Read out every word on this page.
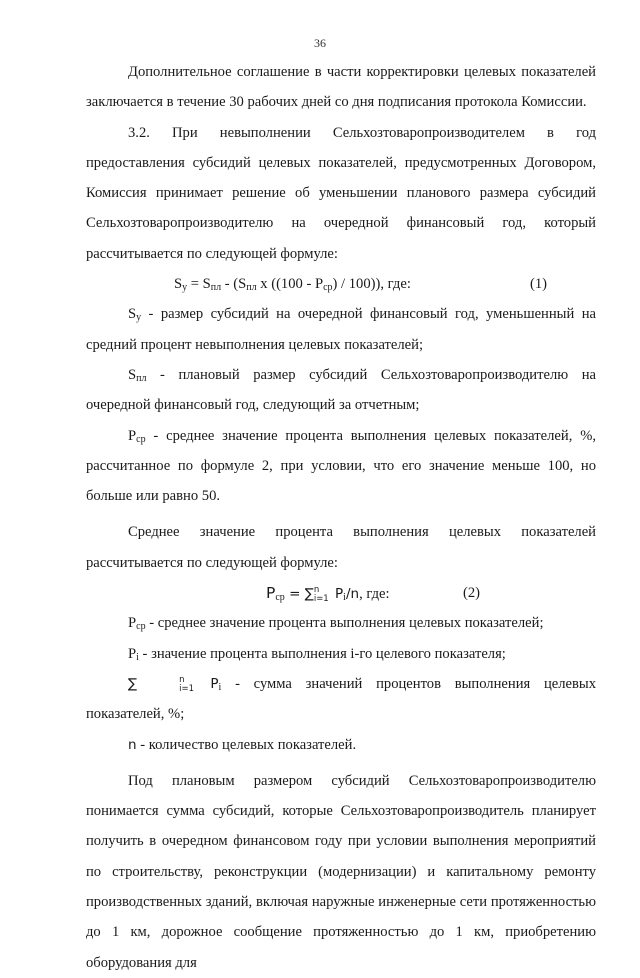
36

Дополнительное соглашение в части корректировки целевых показателей заключается в течение 30 рабочих дней со дня подписания протокола Комиссии.

3.2. При невыполнении Сельхозтоваропроизводителем в год предоставления субсидий целевых показателей, предусмотренных Договором, Комиссия принимает решение об уменьшении планового размера субсидий Сельхозтоваропроизводителю на очередной финансовый год, который рассчитывается по следующей формуле:

$S_у = S_{пл} - (S_{пл}$ х $((100 - P_{ср}) / 100)$), где:	(1)

$S_у$ - размер субсидий на очередной финансовый год, уменьшенный на средний процент невыполнения целевых показателей;

$S_{пл}$ - плановый размер субсидий Сельхозтоваропроизводителю на очередной финансовый год, следующий за отчетным;

$P_{ср}$ - среднее значение процента выполнения целевых показателей, %, рассчитанное по формуле 2, при условии, что его значение меньше 100, но больше или равно 50.

Среднее значение процента выполнения целевых показателей рассчитывается по следующей формуле:

$P_{ср}$ = ∑ n
i=1 $P_i/n$, где:	(2)

$P_{ср}$ - среднее значение процента выполнения целевых показателей;

$P_i$ - значение процента выполнения i-го целевого показателя;

∑	n
i=1 $P_i$ - сумма значений процентов выполнения целевых показателей, %;

n - количество целевых показателей.

Под плановым размером субсидий Сельхозтоваропроизводителю понимается сумма субсидий, которые Сельхозтоваропроизводитель планирует получить в очередном финансовом году при условии выполнения мероприятий по строительству, реконструкции (модернизации) и капитальному ремонту производственных зданий, включая наружные инженерные сети протяженностью до 1 км, дорожное сообщение протяженностью до 1 км, приобретению оборудования для
